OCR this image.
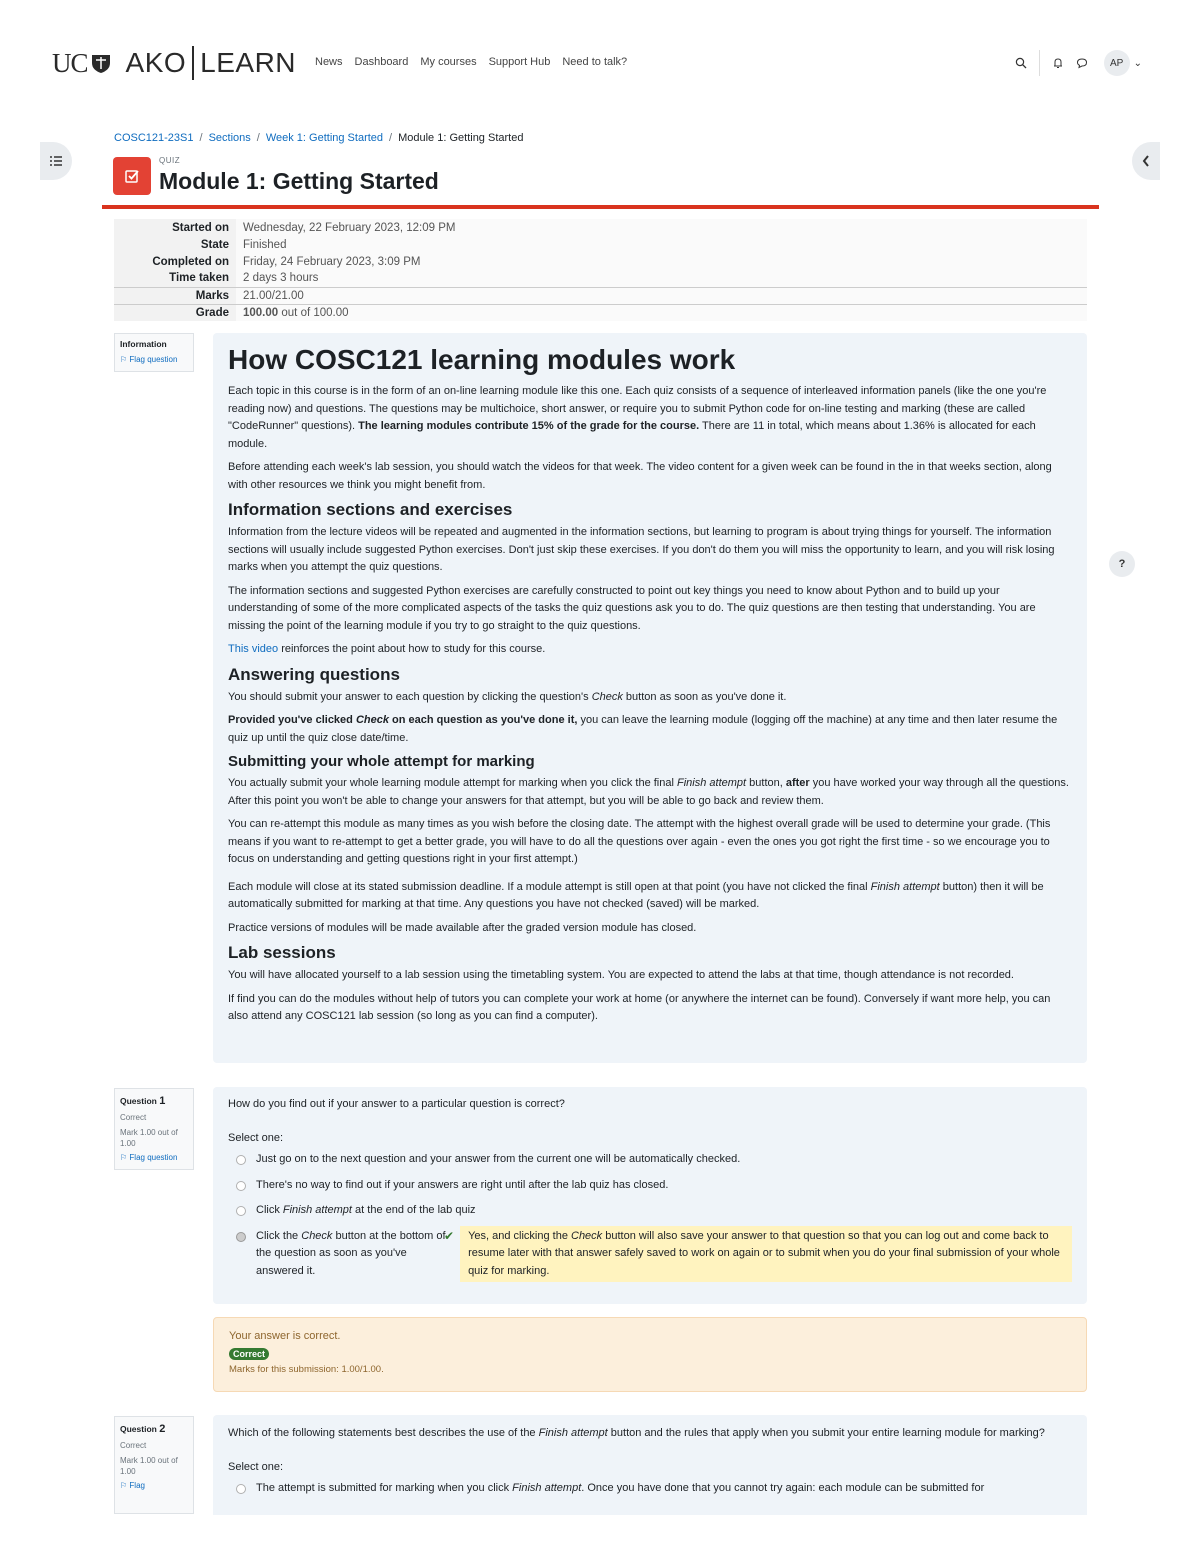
UC AKO LEARN News Dashboard My courses Support Hub Need to talk?	AP	⌄
?
COSC121-23S1 / Sections / Week 1: Getting Started / Module 1: Getting Started
QUIZ
Module 1: Getting Started
Started on	Wednesday, 22 February 2023, 12:09 PM
State	Finished
Completed on	Friday, 24 February 2023, 3:09 PM
Time taken	2 days 3 hours
Marks	21.00/21.00
Grade	100.00 out of 100.00
Information
⚐ Flag question	How COSC121 learning modules work

Each topic in this course is in the form of an on-line learning module like this one. Each quiz consists of a sequence of interleaved information panels (like the one you're reading now) and questions. The questions may be multichoice, short answer, or require you to submit Python code for on-line testing and marking (these are called "CodeRunner" questions). The learning modules contribute 15% of the grade for the course. There are 11 in total, which means about 1.36% is allocated for each module.

Before attending each week's lab session, you should watch the videos for that week. The video content for a given week can be found in the in that weeks section, along with other resources we think you might benefit from.

Information sections and exercises

Information from the lecture videos will be repeated and augmented in the information sections, but learning to program is about trying things for yourself. The information sections will usually include suggested Python exercises. Don't just skip these exercises. If you don't do them you will miss the opportunity to learn, and you will risk losing marks when you attempt the quiz questions.

The information sections and suggested Python exercises are carefully constructed to point out key things you need to know about Python and to build up your understanding of some of the more complicated aspects of the tasks the quiz questions ask you to do. The quiz questions are then testing that understanding. You are missing the point of the learning module if you try to go straight to the quiz questions.

This video reinforces the point about how to study for this course.

Answering questions

You should submit your answer to each question by clicking the question's Check button as soon as you've done it.

Provided you've clicked Check on each question as you've done it, you can leave the learning module (logging off the machine) at any time and then later resume the quiz up until the quiz close date/time.

Submitting your whole attempt for marking

You actually submit your whole learning module attempt for marking when you click the final Finish attempt button, after you have worked your way through all the questions. After this point you won't be able to change your answers for that attempt, but you will be able to go back and review them.

You can re-attempt this module as many times as you wish before the closing date. The attempt with the highest overall grade will be used to determine your grade. (This means if you want to re-attempt to get a better grade, you will have to do all the questions over again - even the ones you got right the first time - so we encourage you to focus on understanding and getting questions right in your first attempt.)

Each module will close at its stated submission deadline. If a module attempt is still open at that point (you have not clicked the final Finish attempt button) then it will be automatically submitted for marking at that time. Any questions you have not checked (saved) will be marked.

Practice versions of modules will be made available after the graded version module has closed.

Lab sessions

You will have allocated yourself to a lab session using the timetabling system. You are expected to attend the labs at that time, though attendance is not recorded.

If find you can do the modules without help of tutors you can complete your work at home (or anywhere the internet can be found). Conversely if want more help, you can also attend any COSC121 lab session (so long as you can find a computer).

Question 1
Correct
Mark 1.00 out of 1.00
⚐ Flag question
How do you find out if your answer to a particular question is correct?
Select one:
Just go on to the next question and your answer from the current one will be automatically checked.
There's no way to find out if your answers are right until after the lab quiz has closed.
Click Finish attempt at the end of the lab quiz
Click the Check button at the bottom of the question as soon as you've answered it.
✔	Yes, and clicking the Check button will also save your answer to that question so that you can log out and come back to resume later with that answer safely saved to work on again or to submit when you do your final submission of your whole quiz for marking.
Your answer is correct.
Correct
Marks for this submission: 1.00/1.00.
Question 2
Correct
Mark 1.00 out of 1.00
⚐ Flag
Which of the following statements best describes the use of the Finish attempt button and the rules that apply when you submit your entire learning module for marking?
Select one:
The attempt is submitted for marking when you click Finish attempt. Once you have done that you cannot try again: each module can be submitted for
